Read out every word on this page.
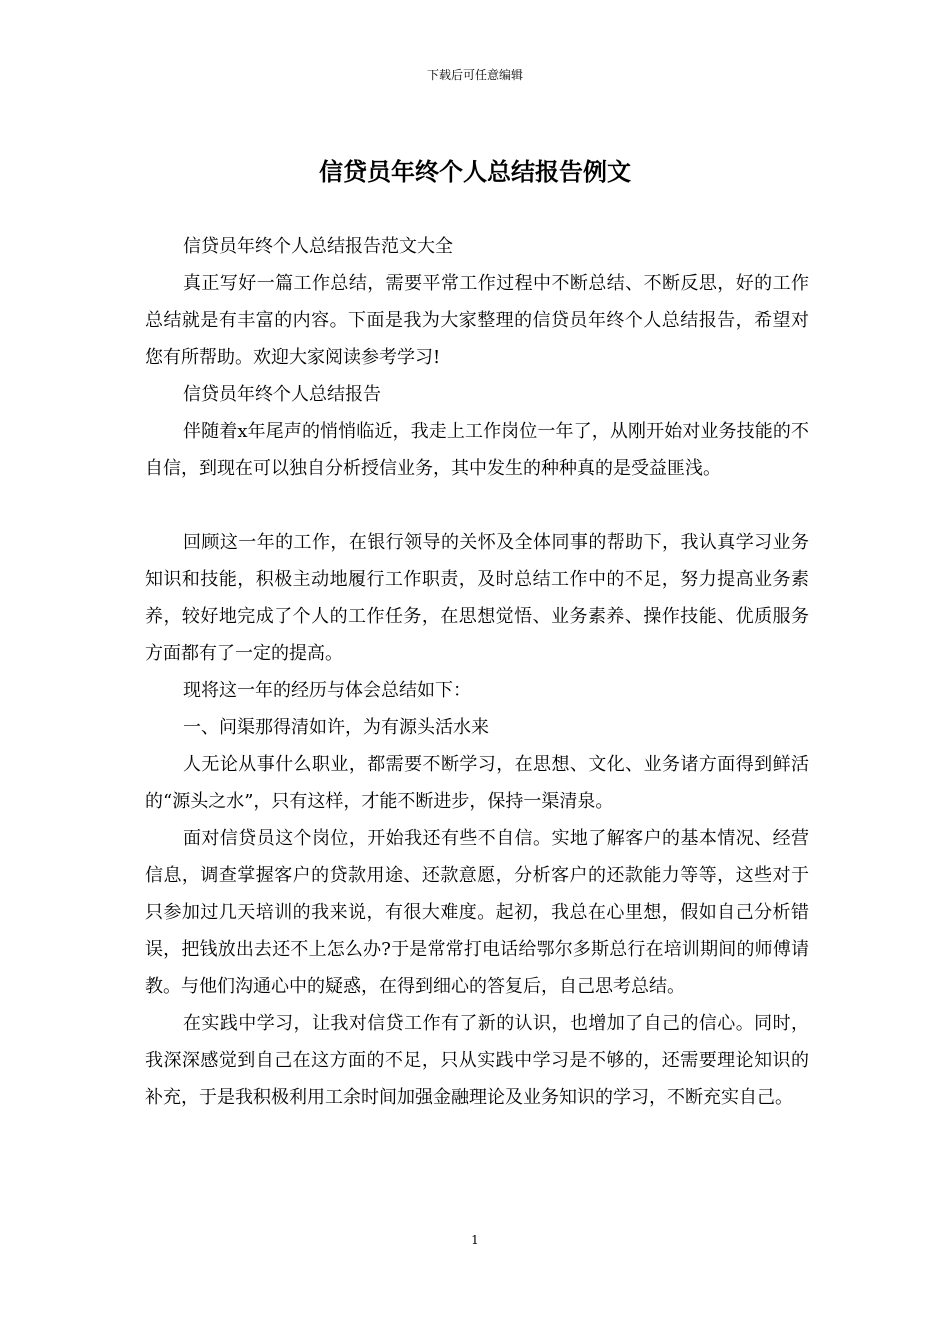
下载后可任意编辑
信贷员年终个人总结报告例文

信贷员年终个人总结报告范文大全

真正写好一篇工作总结，需要平常工作过程中不断总结、不断反思，好的工作总结就是有丰富的内容。下面是我为大家整理的信贷员年终个人总结报告，希望对您有所帮助。欢迎大家阅读参考学习!

信贷员年终个人总结报告

伴随着x年尾声的悄悄临近，我走上工作岗位一年了，从刚开始对业务技能的不自信，到现在可以独自分析授信业务，其中发生的种种真的是受益匪浅。

回顾这一年的工作，在银行领导的关怀及全体同事的帮助下，我认真学习业务知识和技能，积极主动地履行工作职责，及时总结工作中的不足，努力提高业务素养，较好地完成了个人的工作任务，在思想觉悟、业务素养、操作技能、优质服务方面都有了一定的提高。

现将这一年的经历与体会总结如下：

一、问渠那得清如许，为有源头活水来

人无论从事什么职业，都需要不断学习，在思想、文化、业务诸方面得到鲜活的“源头之水”，只有这样，才能不断进步，保持一渠清泉。

面对信贷员这个岗位，开始我还有些不自信。实地了解客户的基本情况、经营信息，调查掌握客户的贷款用途、还款意愿，分析客户的还款能力等等，这些对于只参加过几天培训的我来说，有很大难度。起初，我总在心里想，假如自己分析错误，把钱放出去还不上怎么办?于是常常打电话给鄂尔多斯总行在培训期间的师傅请教。与他们沟通心中的疑惑，在得到细心的答复后，自己思考总结。

在实践中学习，让我对信贷工作有了新的认识，也增加了自己的信心。同时，我深深感觉到自己在这方面的不足，只从实践中学习是不够的，还需要理论知识的补充，于是我积极利用工余时间加强金融理论及业务知识的学习，不断充实自己。

1
